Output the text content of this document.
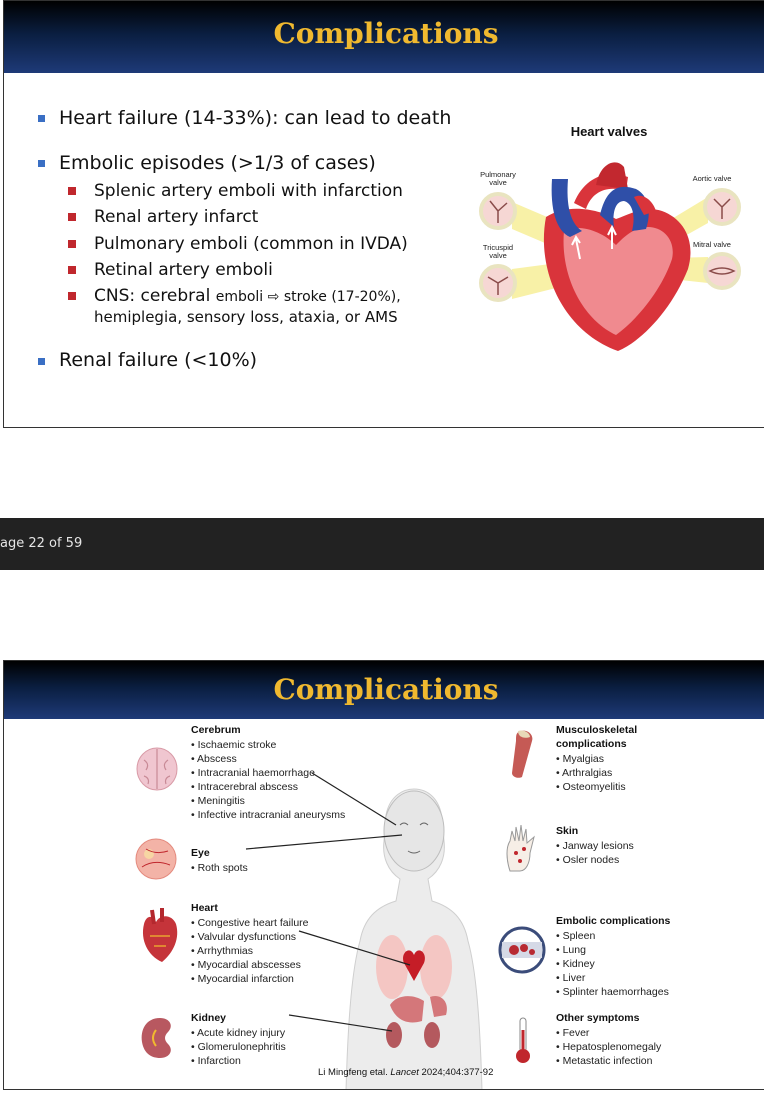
Complications
Heart failure (14-33%): can lead to death
Embolic episodes (>1/3 of cases)
Splenic artery emboli with infarction
Renal artery infarct
Pulmonary emboli (common in IVDA)
Retinal artery emboli
CNS: cerebral emboli ⇨ stroke (17-20%),
hemiplegia, sensory loss, ataxia, or AMS
Renal failure (<10%)
Heart valves
Pulmonary
valve
Tricuspid
valve
Aortic valve
Mitral valve
age 22 of 59
Complications
Cerebrum
• Ischaemic stroke
• Abscess
• Intracranial haemorrhage
• Intracerebral abscess
• Meningitis
• Infective intracranial aneurysms
Eye
• Roth spots
Heart
• Congestive heart failure
• Valvular dysfunctions
• Arrhythmias
• Myocardial abscesses
• Myocardial infarction
Kidney
• Acute kidney injury
• Glomerulonephritis
• Infarction
Musculoskeletal
complications
• Myalgias
• Arthralgias
• Osteomyelitis
Skin
• Janway lesions
• Osler nodes
Embolic complications
• Spleen
• Lung
• Kidney
• Liver
• Splinter haemorrhages
Other symptoms
• Fever
• Hepatosplenomegaly
• Metastatic infection
Li Mingfeng etal. Lancet 2024;404:377-92
